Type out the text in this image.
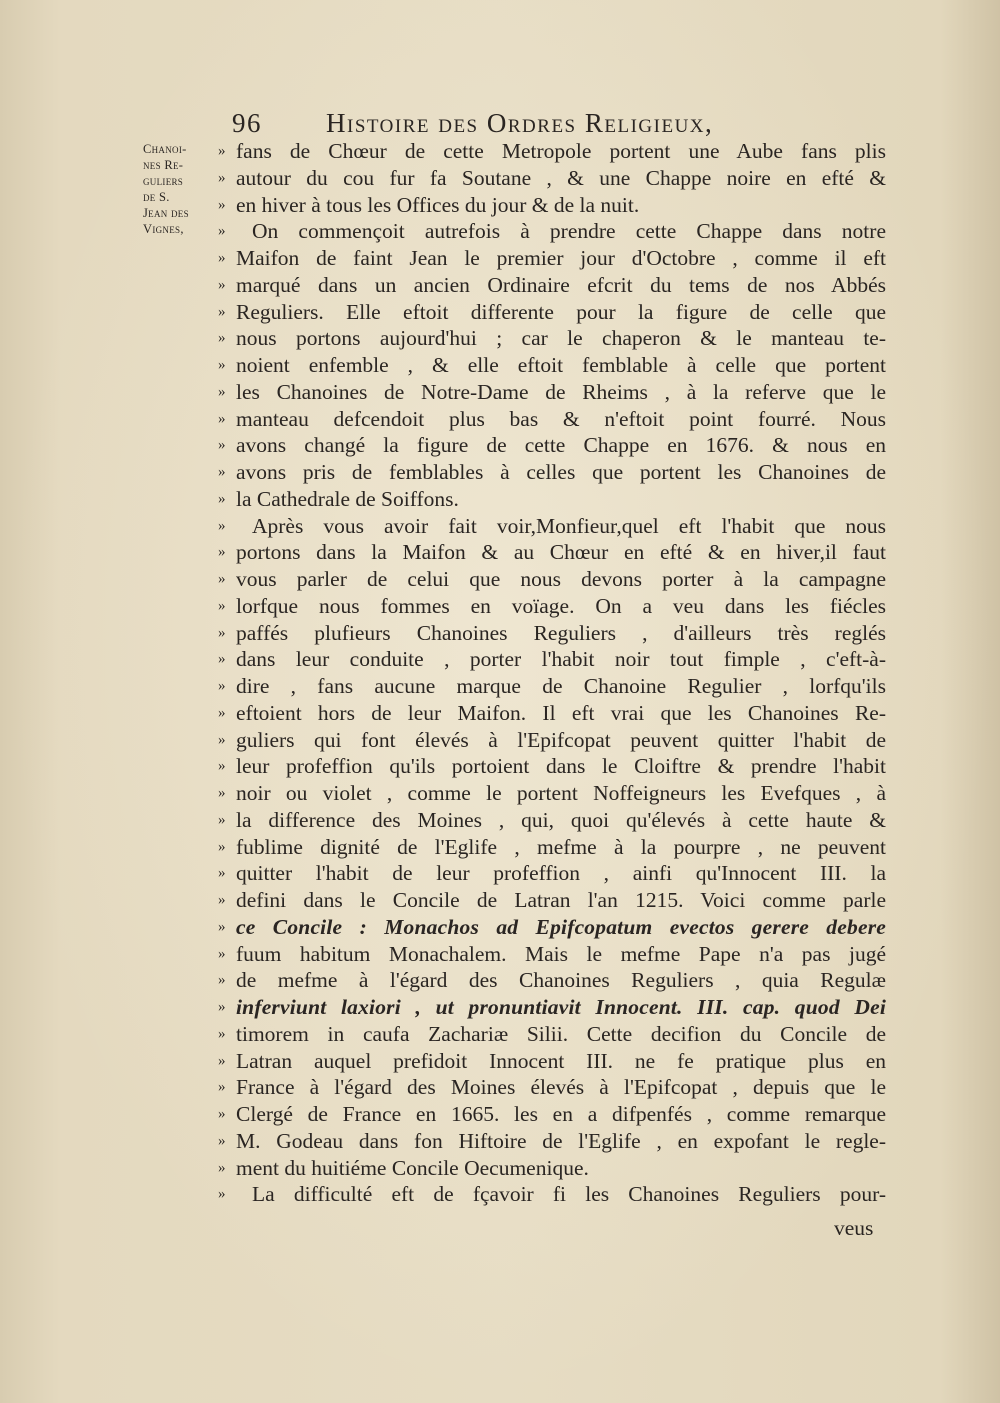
96 Histoire des Ordres Religieux,
Chanoi-
nes Re-
guliers
de S.
Jean des
Vignes,
» fans de Chœur de cette Metropole portent une Aube fans plis
» autour du cou fur fa Soutane , & une Chappe noire en efté &
» en hiver à tous les Offices du jour & de la nuit.
»	On commençoit autrefois à prendre cette Chappe dans notre
» Maifon de faint Jean le premier jour d'Octobre , comme il eft
» marqué dans un ancien Ordinaire efcrit du tems de nos Abbés
» Reguliers. Elle eftoit differente pour la figure de celle que
» nous portons aujourd'hui ; car le chaperon & le manteau te-
» noient enfemble , & elle eftoit femblable à celle que portent
» les Chanoines de Notre-Dame de Rheims , à la referve que le
» manteau defcendoit plus bas & n'eftoit point fourré. Nous
» avons changé la figure de cette Chappe en 1676. & nous en
» avons pris de femblables à celles que portent les Chanoines de
» la Cathedrale de Soiffons.
»	Après vous avoir fait voir,Monfieur,quel eft l'habit que nous
» portons dans la Maifon & au Chœur en efté & en hiver,il faut
» vous parler de celui que nous devons porter à la campagne
» lorfque nous fommes en voïage. On a veu dans les fiécles
» paffés plufieurs Chanoines Reguliers , d'ailleurs très reglés
» dans leur conduite , porter l'habit noir tout fimple , c'eft-à-
» dire , fans aucune marque de Chanoine Regulier , lorfqu'ils
» eftoient hors de leur Maifon. Il eft vrai que les Chanoines Re-
» guliers qui font élevés à l'Epifcopat peuvent quitter l'habit de
» leur profeffion qu'ils portoient dans le Cloiftre & prendre l'habit
» noir ou violet , comme le portent Noffeigneurs les Evefques , à
» la difference des Moines , qui, quoi qu'élevés à cette haute &
» fublime dignité de l'Eglife , mefme à la pourpre , ne peuvent
» quitter l'habit de leur profeffion , ainfi qu'Innocent III. la
» defini dans le Concile de Latran l'an 1215. Voici comme parle
» ce Concile : Monachos ad Epifcopatum evectos gerere debere
» fuum habitum Monachalem. Mais le mefme Pape n'a pas jugé
» de mefme à l'égard des Chanoines Reguliers , quia Regulæ
» inferviunt laxiori , ut pronuntiavit Innocent. III. cap. quod Dei
» timorem in caufa Zachariæ Silii. Cette decifion du Concile de
» Latran auquel prefidoit Innocent III. ne fe pratique plus en
» France à l'égard des Moines élevés à l'Epifcopat , depuis que le
» Clergé de France en 1665. les en a difpenfés , comme remarque
» M. Godeau dans fon Hiftoire de l'Eglife , en expofant le regle-
» ment du huitiéme Concile Oecumenique.
»	La difficulté eft de fçavoir fi les Chanoines Reguliers pour-
veus
